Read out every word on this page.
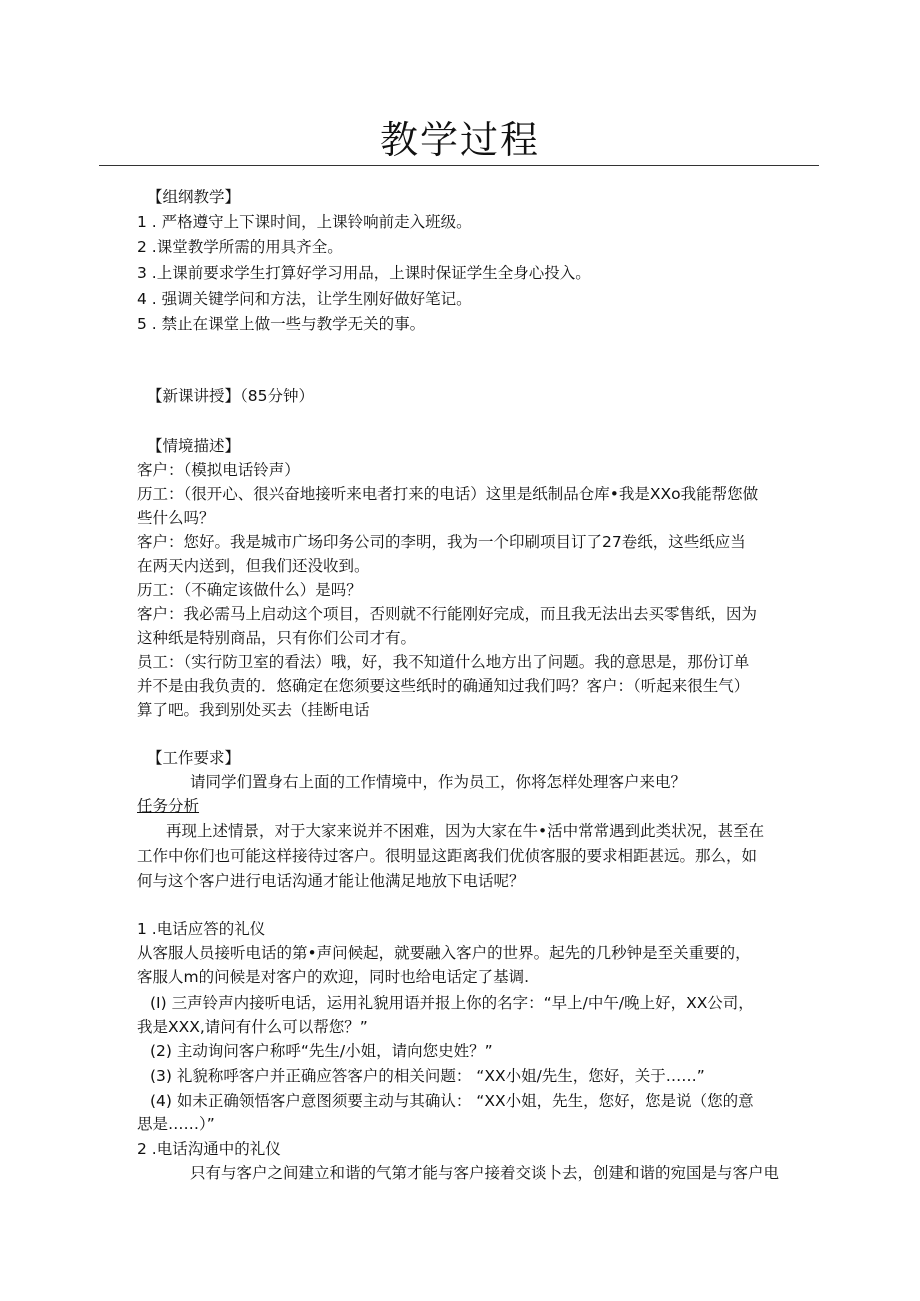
教学过程
【组纲教学】
1 . 严格遵守上下课时间，上课铃响前走入班级。
2 .课堂教学所需的用具齐全。
3 .上课前要求学生打算好学习用品，上课时保证学生全身心投入。
4 . 强调关键学问和方法，让学生刚好做好笔记。
5 . 禁止在课堂上做一些与教学无关的事。
【新课讲授】（85分钟）
【情境描述】
客户：（模拟电话铃声）
历工：（很开心、很兴奋地接听来电者打来的电话）这里是纸制品仓库•我是XXo我能帮您做
些什么吗？
客户：您好。我是城市广场印务公司的李明，我为一个印刷项目订了27卷纸，这些纸应当
在两天内送到，但我们还没收到。
历工：（不确定该做什么）是吗？
客户：我必需马上启动这个项目，否则就不行能刚好完成，而且我无法出去买零售纸，因为
这种纸是特别商品，只有你们公司才有。
员工：（实行防卫室的看法）哦，好，我不知道什么地方出了问题。我的意思是，那份订单
并不是由我负责的．悠确定在您须要这些纸时的确通知过我们吗？客户：（听起来很生气）
算了吧。我到别处买去（挂断电话
【工作要求】
请同学们置身右上面的工作情境中，作为员工，你将怎样处理客户来电？
任务分析
再现上述情景，对于大家来说并不困难，因为大家在牛•活中常常遇到此类状况，甚至在
工作中你们也可能这样接待过客户。很明显这距离我们优侦客服的要求相距甚远。那么，如
何与这个客户进行电话沟通才能让他满足地放下电话呢？
1 .电话应答的礼仪
从客服人员接听电话的第•声问候起，就要融入客户的世界。起先的几秒钟是至关重要的，
客服人m的问候是对客户的欢迎，同时也给电话定了基调.
(I) 三声铃声内接听电话，运用礼貌用语并报上你的名字：“早上/中午/晚上好，XX公司，
我是XXX,请问有什么可以帮您？”
(2) 主动询问客户称呼“先生/小姐，请向您史姓？”
(3) 礼貌称呼客户并正确应答客户的相关问题： “XX小姐/先生，您好，关于……”
(4) 如未正确领悟客户意图须要主动与其确认： “XX小姐，先生，您好，您是说（您的意
思是……）”
2 .电话沟通中的礼仪
只有与客户之间建立和谐的气第才能与客户接着交谈卜去，创建和谐的宛国是与客户电
